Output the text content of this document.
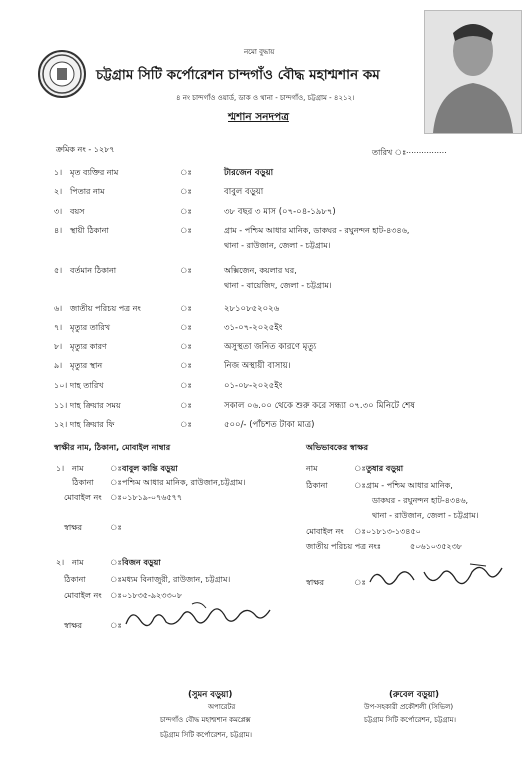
নমো বুদ্ধায়
চট্টগ্রাম সিটি কর্পোরেশন চান্দগাঁও বৌদ্ধ মহাশ্মশান কম
৪ নং চান্দগাঁও ওয়ার্ড, ডাক ও থানা - চান্দগাঁও, চট্টগ্রাম - ৪২১২।
শ্মশান সনদপত্র
ক্রমিক নং - ১২৮৭	তারিখ ঃ ................
১। মৃত ব্যক্তির নাম	ঃ	টারজেন বড়ুয়া
২। পিতার নাম	ঃ	বাবুল বড়ুয়া
৩। বয়স	ঃ	৩৮ বছর ৩ মাস (০৭-০৪-১৯৮৭)
৪। স্থায়ী ঠিকানা	ঃ	গ্রাম - পশ্চিম আধার মানিক, ডাকঘর - রঘুনন্দন হাট-৪৩৪৬,
থানা - রাউজান, জেলা - চট্টগ্রাম।
৫। বর্তমান ঠিকানা	ঃ	অক্সিজেন, কয়লার ঘর,
থানা - বায়েজিদ, জেলা - চট্টগ্রাম।
৬। জাতীয় পরিচয় পত্র নং	ঃ	২৮১০৮৫২০২৬
৭। মৃত্যুর তারিখ	ঃ	৩১-০৭-২০২৫ইং
৮। মৃত্যুর কারণ	ঃ	অসুস্থতা জনিত কারণে মৃত্যু
৯। মৃত্যুর স্থান	ঃ	নিজ অস্থায়ী বাসায়।
১০। দাহ তারিখ	ঃ	০১-০৮-২০২৫ইং
১১। দাহ ক্রিয়ার সময়	ঃ	সকাল ০৬.০০ থেকে শুরু করে সন্ধ্যা ০৭.৩০ মিনিটে শেষ
১২। দাহ ক্রিয়ার ফি	ঃ	৫০০/- (পাঁচশত টাকা মাত্র)
স্বাক্ষীর নাম, ঠিকানা, মোবাইল নাম্বার
১। নাম	ঃ বাবুল কান্তি বড়ুয়া
ঠিকানা ঃ পশ্চিম আধার মানিক, রাউজান,চট্টগ্রাম।
মোবাইল নং ঃ ০১৮১৯-০৭৬৫৭৭
স্বাক্ষর	ঃ
২। নাম	ঃ বিজন বড়ুয়া
ঠিকানা	ঃ মধ্যম বিনাজুরী, রাউজান, চট্টগ্রাম।
মোবাইল নং ঃ ০১৮৩৫-৯২৩৩০৮
স্বাক্ষর	ঃ
অভিভাবকের স্বাক্ষর
নাম	ঃ তুষার বড়ুয়া
ঠিকানা	ঃ গ্রাম - পশ্চিম আধার মানিক,
ডাকঘর - রঘুনন্দন হাট-৪৩৪৬,
থানা - রাউজান, জেলা - চট্টগ্রাম।
মোবাইল নং ঃ ০১৮১৩-১৩৪৫০
জাতীয় পরিচয় পত্র নংঃ	৫০৬১০৩৫২৩৮
স্বাক্ষর	ঃ
(সুমন বড়ুয়া)
অপারেটর
চান্দগাঁও বৌদ্ধ মহাশ্মশান কমপ্লেক্স
চট্টগ্রাম সিটি কর্পোরেশন, চট্টগ্রাম।
(রুবেল বড়ুয়া)
উপ-সহকারী প্রকৌশলী (সিভিল)
চট্টগ্রাম সিটি কর্পোরেশন, চট্টগ্রাম।
